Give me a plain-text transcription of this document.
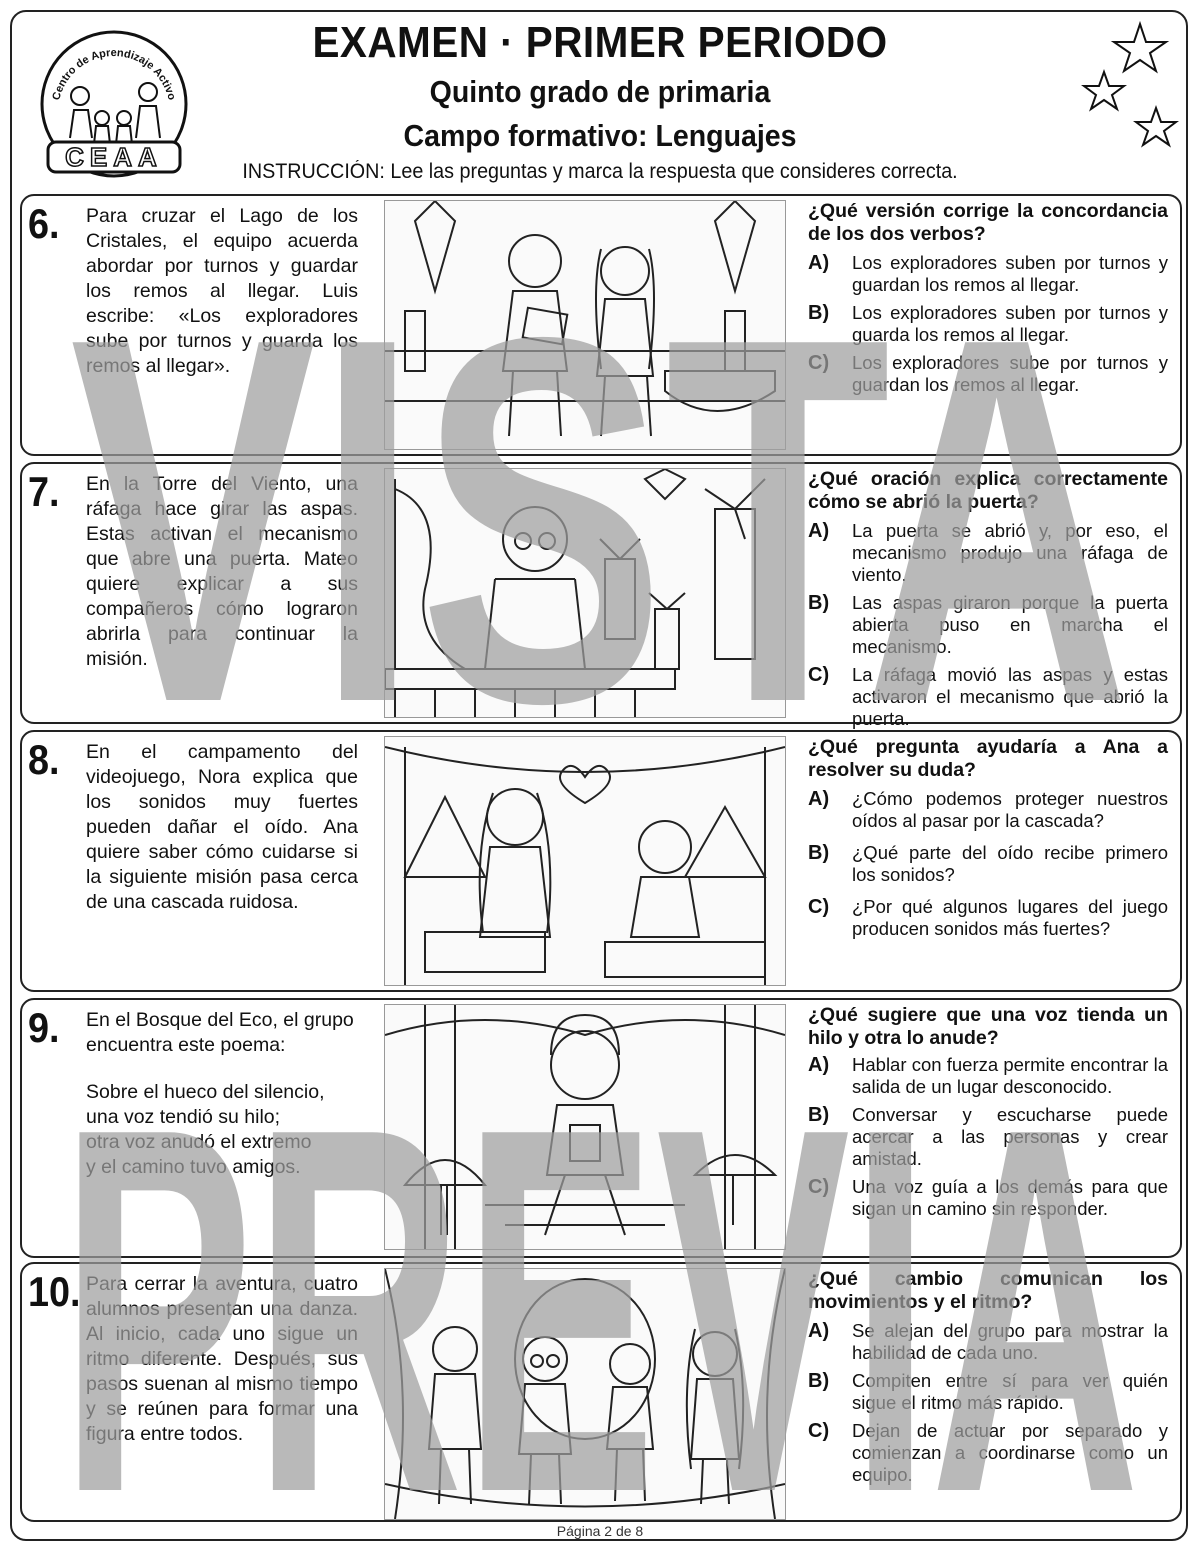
Centro de Aprendizaje Activo
CEAA
EXAMEN · PRIMER PERIODO
Quinto grado de primaria
Campo formativo: Lenguajes
INSTRUCCIÓN: Lee las preguntas y marca la respuesta que consideres correcta.
6. Para cruzar el Lago de los Cristales, el equipo acuerda abordar por turnos y guardar los remos al llegar. Luis escribe: «Los exploradores sube por turnos y guarda los remos al llegar».
¿Qué versión corrige la concordancia de los dos verbos?
A) Los exploradores suben por turnos y guardan los remos al llegar.
B) Los exploradores suben por turnos y guarda los remos al llegar.
C) Los exploradores sube por turnos y guardan los remos al llegar.
7. En la Torre del Viento, una ráfaga hace girar las aspas. Estas activan el mecanismo que abre una puerta. Mateo quiere explicar a sus compañeros cómo lograron abrirla para continuar la misión.
¿Qué oración explica correctamente cómo se abrió la puerta?
A) La puerta se abrió y, por eso, el mecanismo produjo una ráfaga de viento.
B) Las aspas giraron porque la puerta abierta puso en marcha el mecanismo.
C) La ráfaga movió las aspas y estas activaron el mecanismo que abrió la puerta.
8. En el campamento del videojuego, Nora explica que los sonidos muy fuertes pueden dañar el oído. Ana quiere saber cómo cuidarse si la siguiente misión pasa cerca de una cascada ruidosa.
¿Qué pregunta ayudaría a Ana a resolver su duda?
A) ¿Cómo podemos proteger nuestros oídos al pasar por la cascada?
B) ¿Qué parte del oído recibe primero los sonidos?
C) ¿Por qué algunos lugares del juego producen sonidos más fuertes?
9. En el Bosque del Eco, el grupo encuentra este poema:
Sobre el hueco del silencio,
una voz tendió su hilo;
otra voz anudó el extremo
y el camino tuvo amigos.
¿Qué sugiere que una voz tienda un hilo y otra lo anude?
A) Hablar con fuerza permite encontrar la salida de un lugar desconocido.
B) Conversar y escucharse puede acercar a las personas y crear amistad.
C) Una voz guía a los demás para que sigan un camino sin responder.
10. Para cerrar la aventura, cuatro alumnos presentan una danza. Al inicio, cada uno sigue un ritmo diferente. Después, sus pasos suenan al mismo tiempo y se reúnen para formar una figura entre todos.
¿Qué cambio comunican los movimientos y el ritmo?
A) Se alejan del grupo para mostrar la habilidad de cada uno.
B) Compiten entre sí para ver quién sigue el ritmo más rápido.
C) Dejan de actuar por separado y comienzan a coordinarse como un equipo.
Página 2 de 8
VISTA
PREVIA
